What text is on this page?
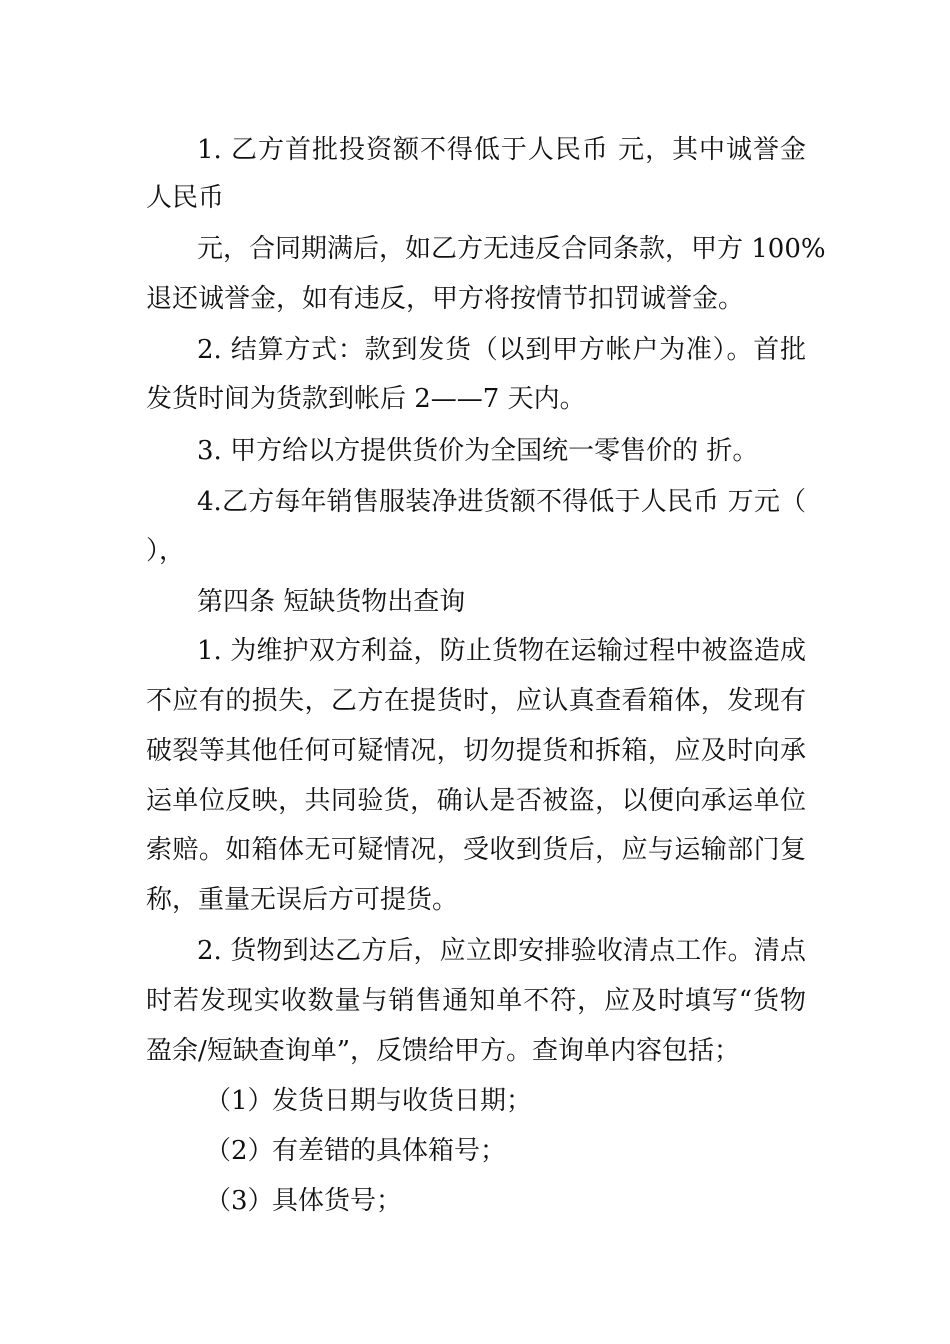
1. 乙方首批投资额不得低于人民币 元，其中诚誉金
人民币
元，合同期满后，如乙方无违反合同条款，甲方 100%
退还诚誉金，如有违反，甲方将按情节扣罚诚誉金。
2. 结算方式：款到发货（以到甲方帐户为准）。首批
发货时间为货款到帐后 2——7 天内。
3. 甲方给以方提供货价为全国统一零售价的 折。
4.乙方每年销售服装净进货额不得低于人民币 万元（
），
第四条 短缺货物出查询
1. 为维护双方利益，防止货物在运输过程中被盗造成
不应有的损失，乙方在提货时，应认真查看箱体，发现有
破裂等其他任何可疑情况，切勿提货和拆箱，应及时向承
运单位反映，共同验货，确认是否被盗，以便向承运单位
索赔。如箱体无可疑情况，受收到货后，应与运输部门复
称，重量无误后方可提货。
2. 货物到达乙方后，应立即安排验收清点工作。清点
时若发现实收数量与销售通知单不符，应及时填写“货物
盈余/短缺查询单”，反馈给甲方。查询单内容包括；
（1）
发货日期与收货日期；
（2）
有差错的具体箱号；
（3）
具体货号；
